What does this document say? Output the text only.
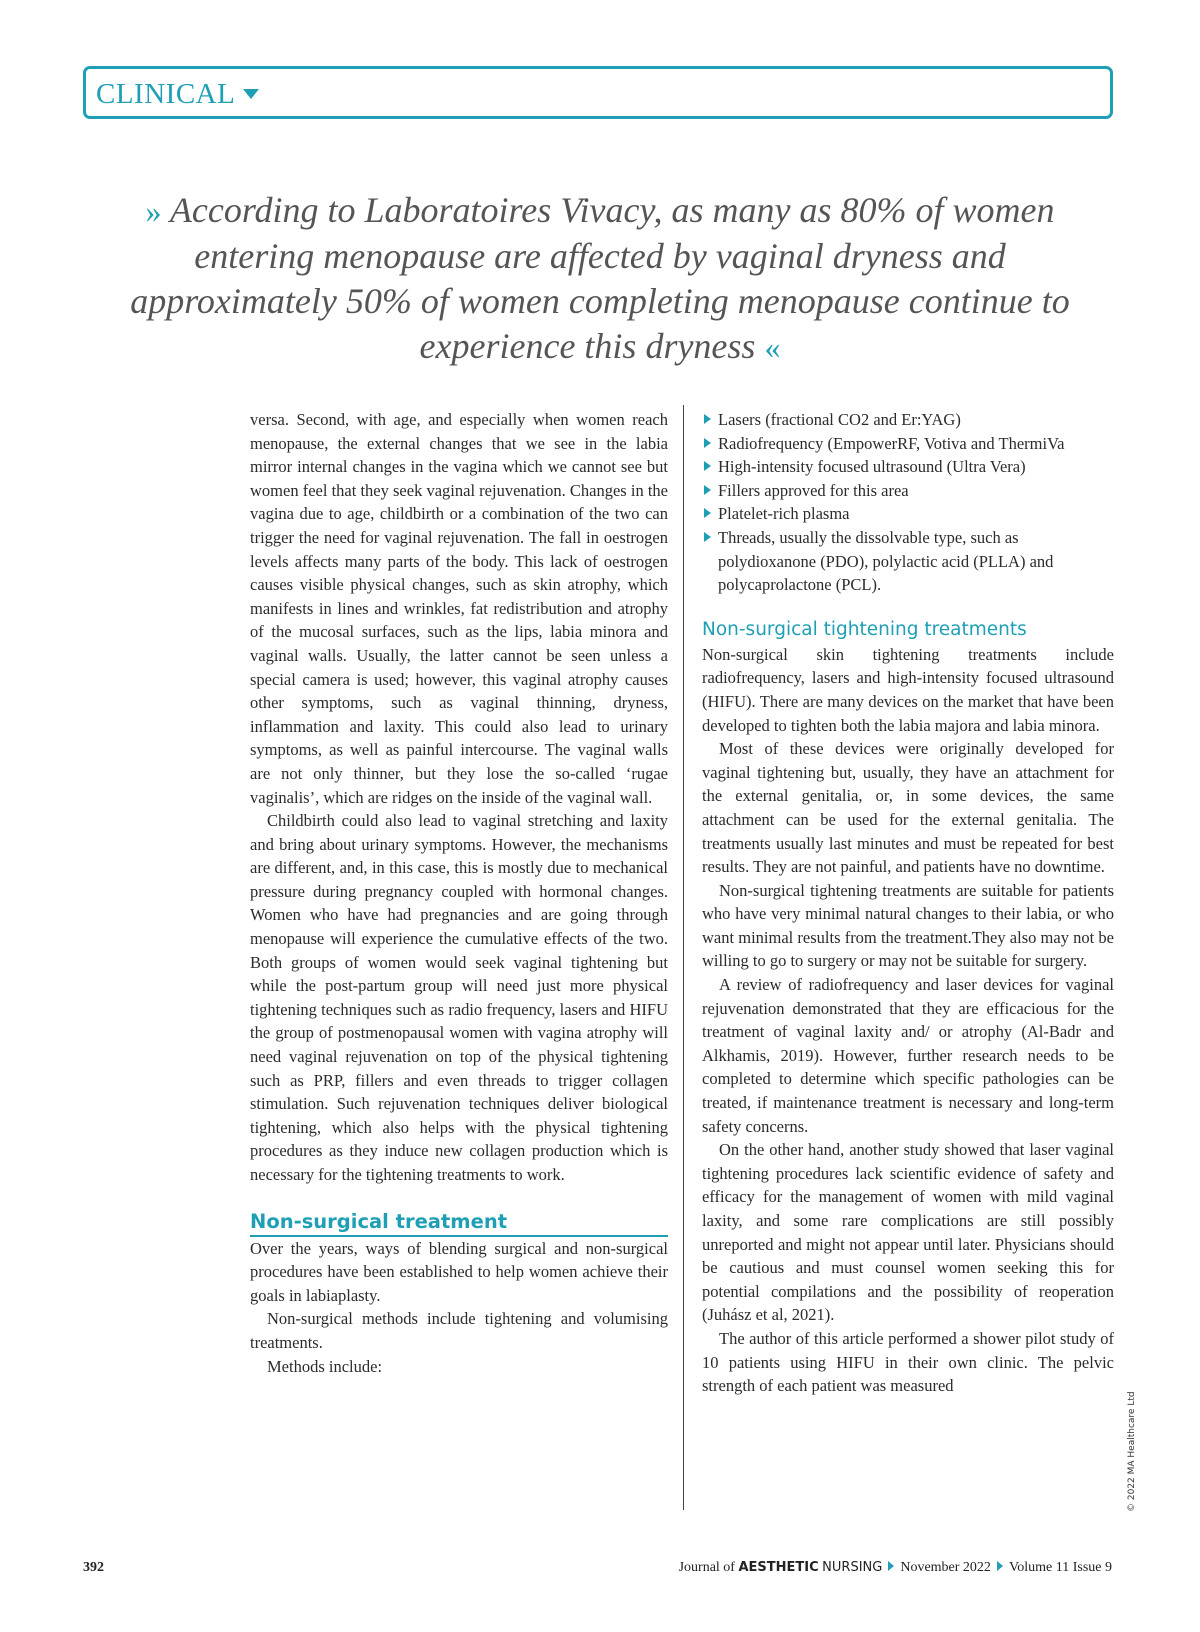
CLINICAL
» According to Laboratoires Vivacy, as many as 80% of women entering menopause are affected by vaginal dryness and approximately 50% of women completing menopause continue to experience this dryness «

versa. Second, with age, and especially when women reach menopause, the external changes that we see in the labia mirror internal changes in the vagina which we cannot see but women feel that they seek vaginal rejuvenation. Changes in the vagina due to age, childbirth or a combination of the two can trigger the need for vaginal rejuvenation. The fall in oestrogen levels affects many parts of the body. This lack of oestrogen causes visible physical changes, such as skin atrophy, which manifests in lines and wrinkles, fat redistribution and atrophy of the mucosal surfaces, such as the lips, labia minora and vaginal walls. Usually, the latter cannot be seen unless a special camera is used; however, this vaginal atrophy causes other symptoms, such as vaginal thinning, dryness, inflammation and laxity. This could also lead to urinary symptoms, as well as painful intercourse. The vaginal walls are not only thinner, but they lose the so-called ‘rugae vaginalis’, which are ridges on the inside of the vaginal wall.

Childbirth could also lead to vaginal stretching and laxity and bring about urinary symptoms. However, the mechanisms are different, and, in this case, this is mostly due to mechanical pressure during pregnancy coupled with hormonal changes. Women who have had pregnancies and are going through menopause will experience the cumulative effects of the two. Both groups of women would seek vaginal tightening but while the post-partum group will need just more physical tightening techniques such as radio frequency, lasers and HIFU the group of postmenopausal women with vagina atrophy will need vaginal rejuvenation on top of the physical tightening such as PRP, fillers and even threads to trigger collagen stimulation. Such rejuvenation techniques deliver biological tightening, which also helps with the physical tightening procedures as they induce new collagen production which is necessary for the tightening treatments to work.

Non-surgical treatment

Over the years, ways of blending surgical and non-surgical procedures have been established to help women achieve their goals in labiaplasty.

Non-surgical methods include tightening and volumising treatments.

Methods include:

Lasers (fractional CO2 and Er:YAG)
Radiofrequency (EmpowerRF, Votiva and ThermiVa
High-intensity focused ultrasound (Ultra Vera)
Fillers approved for this area
Platelet-rich plasma
Threads, usually the dissolvable type, such as polydioxanone (PDO), polylactic acid (PLLA) and polycaprolactone (PCL).
Non-surgical tightening treatments

Non-surgical skin tightening treatments include radiofrequency, lasers and high-intensity focused ultrasound (HIFU). There are many devices on the market that have been developed to tighten both the labia majora and labia minora.

Most of these devices were originally developed for vaginal tightening but, usually, they have an attachment for the external genitalia, or, in some devices, the same attachment can be used for the external genitalia. The treatments usually last minutes and must be repeated for best results. They are not painful, and patients have no downtime.

Non-surgical tightening treatments are suitable for patients who have very minimal natural changes to their labia, or who want minimal results from the treatment.They also may not be willing to go to surgery or may not be suitable for surgery.

A review of radiofrequency and laser devices for vaginal rejuvenation demonstrated that they are efficacious for the treatment of vaginal laxity and/ or atrophy (Al-Badr and Alkhamis, 2019). However, further research needs to be completed to determine which specific pathologies can be treated, if maintenance treatment is necessary and long-term safety concerns.

On the other hand, another study showed that laser vaginal tightening procedures lack scientific evidence of safety and efficacy for the management of women with mild vaginal laxity, and some rare complications are still possibly unreported and might not appear until later. Physicians should be cautious and must counsel women seeking this for potential compilations and the possibility of reoperation (Juhász et al, 2021).

The author of this article performed a shower pilot study of 10 patients using HIFU in their own clinic. The pelvic strength of each patient was measured

© 2022 MA Healthcare Ltd
392	Journal of AESTHETIC NURSING November 2022 Volume 11 Issue 9
